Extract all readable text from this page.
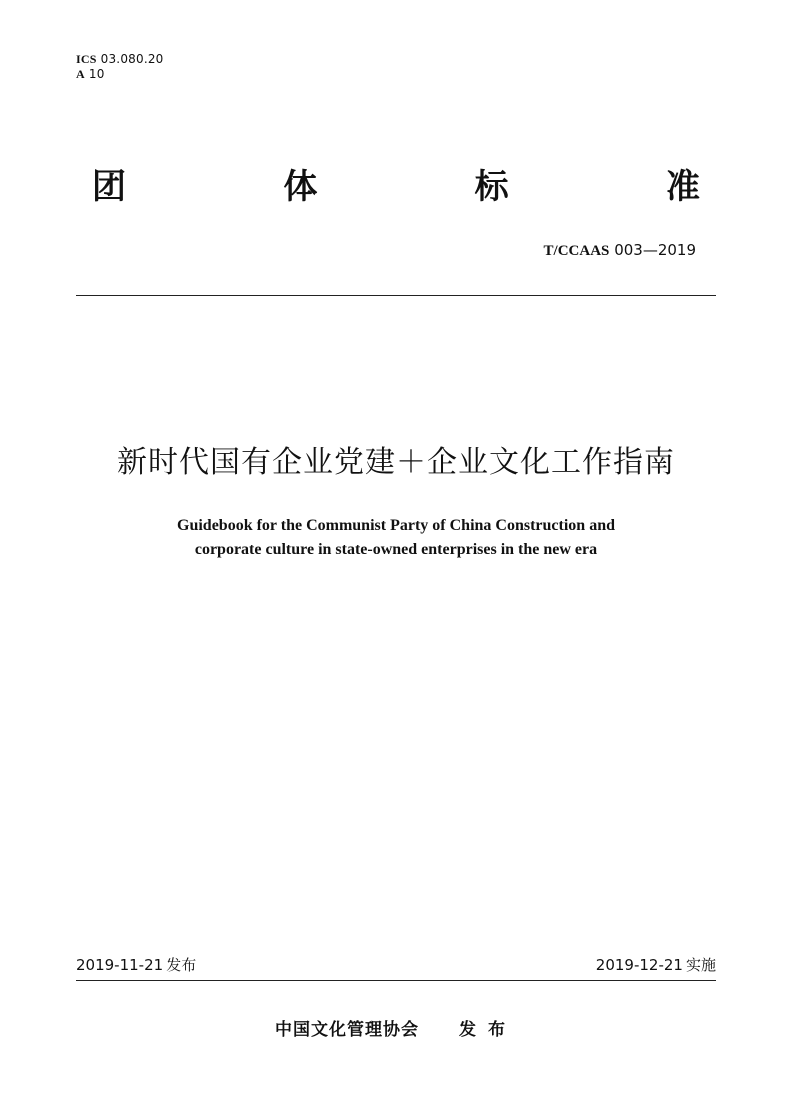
ICS 03.080.20
A 10
团	体	标	准
T/CCAAS 003—2019
新时代国有企业党建＋企业文化工作指南
Guidebook for the Communist Party of China Construction and
corporate culture in state-owned enterprises in the new era
2019-11-21 发布	2019-12-21 实施
中国文化管理协会 发布
